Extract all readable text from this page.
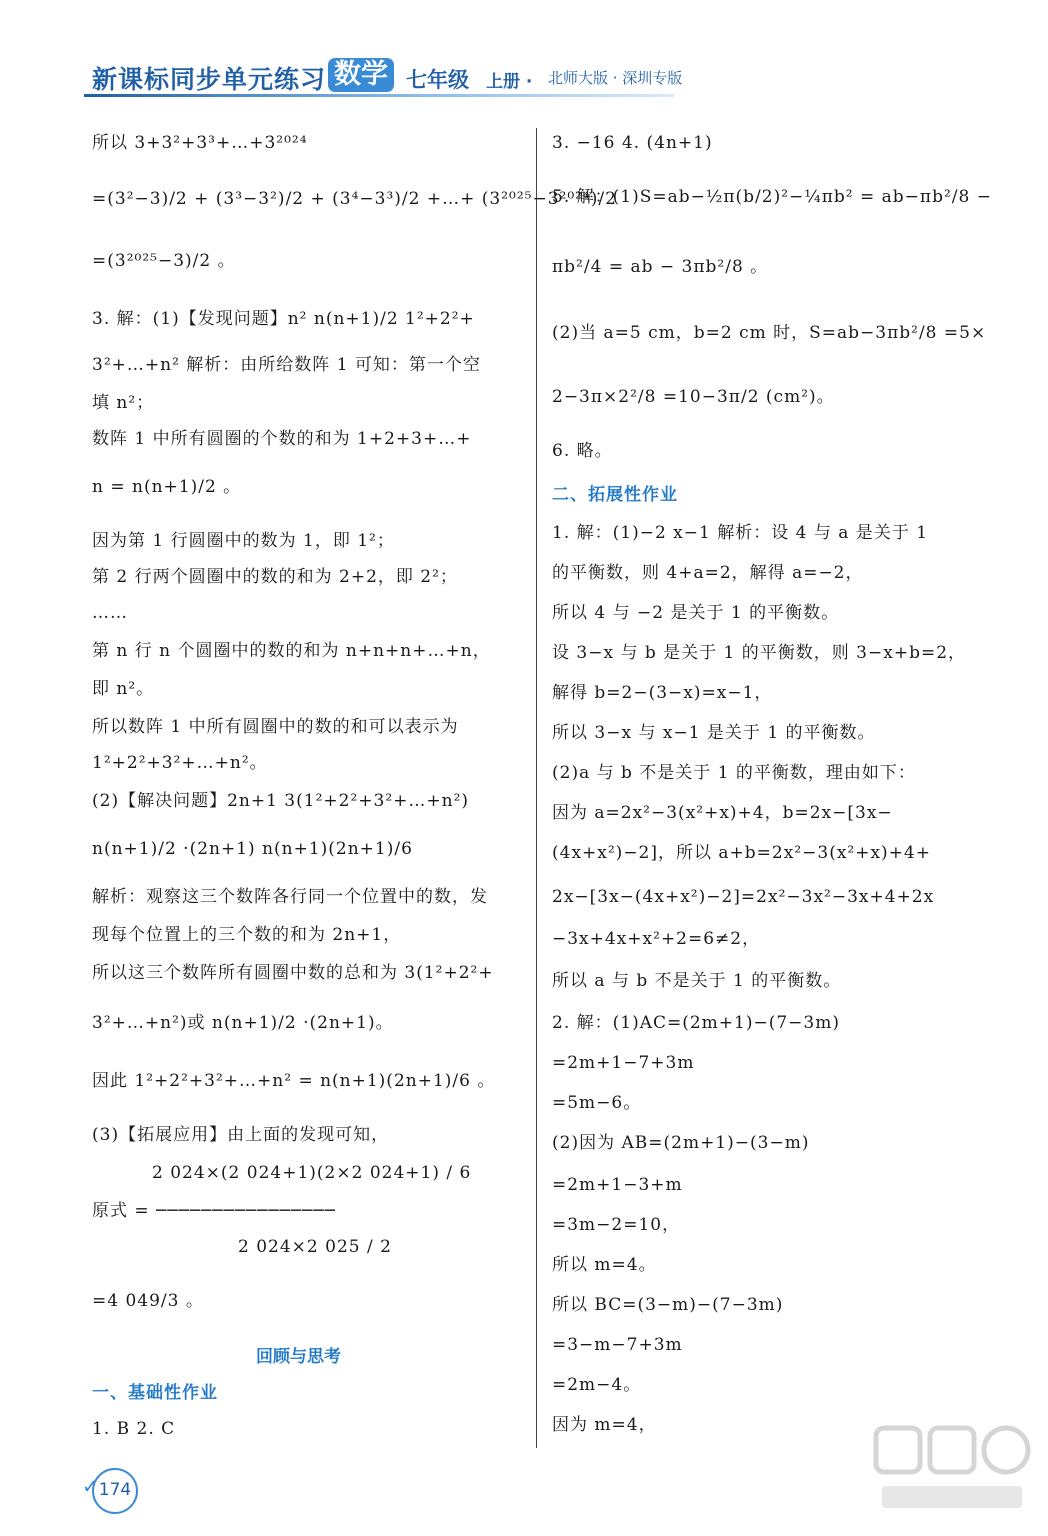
新课标同步单元练习 数学 七年级 上册 · 北师大版 · 深圳专版
所以 3+3²+3³+…+3²⁰²⁴
=(3²−3)/2 + (3³−3²)/2 + (3⁴−3³)/2 +…+ (3²⁰²⁵−3²⁰²⁴)/2
=(3²⁰²⁵−3)/2 。
3. 解：(1)【发现问题】n² n(n+1)/2 1²+2²+
3²+…+n² 解析：由所给数阵 1 可知：第一个空
填 n²；
数阵 1 中所有圆圈的个数的和为 1+2+3+…+
n = n(n+1)/2 。
因为第 1 行圆圈中的数为 1，即 1²；
第 2 行两个圆圈中的数的和为 2+2，即 2²；
……
第 n 行 n 个圆圈中的数的和为 n+n+n+…+n，
即 n²。
所以数阵 1 中所有圆圈中的数的和可以表示为
1²+2²+3²+…+n²。
(2)【解决问题】2n+1 3(1²+2²+3²+…+n²)
n(n+1)/2 ·(2n+1) n(n+1)(2n+1)/6
解析：观察这三个数阵各行同一个位置中的数，发
现每个位置上的三个数的和为 2n+1，
所以这三个数阵所有圆圈中数的总和为 3(1²+2²+
3²+…+n²)或 n(n+1)/2 ·(2n+1)。
因此 1²+2²+3²+…+n² = n(n+1)(2n+1)/6 。
(3)【拓展应用】由上面的发现可知，
2 024×(2 024+1)(2×2 024+1) / 6
原式 = ────────────────
2 024×2 025 / 2
=4 049/3 。
回顾与思考
一、基础性作业
1. B 2. C
3. −16 4. (4n+1)
5. 解：(1)S=ab−½π(b/2)²−¼πb² = ab−πb²/8 −
πb²/4 = ab − 3πb²/8 。
(2)当 a=5 cm，b=2 cm 时，S=ab−3πb²/8 =5×
2−3π×2²/8 =10−3π/2 (cm²)。
6. 略。
二、拓展性作业
1. 解：(1)−2 x−1 解析：设 4 与 a 是关于 1
的平衡数，则 4+a=2，解得 a=−2，
所以 4 与 −2 是关于 1 的平衡数。
设 3−x 与 b 是关于 1 的平衡数，则 3−x+b=2，
解得 b=2−(3−x)=x−1，
所以 3−x 与 x−1 是关于 1 的平衡数。
(2)a 与 b 不是关于 1 的平衡数，理由如下：
因为 a=2x²−3(x²+x)+4，b=2x−[3x−
(4x+x²)−2]，所以 a+b=2x²−3(x²+x)+4+
2x−[3x−(4x+x²)−2]=2x²−3x²−3x+4+2x
−3x+4x+x²+2=6≠2，
所以 a 与 b 不是关于 1 的平衡数。
2. 解：(1)AC=(2m+1)−(7−3m)
=2m+1−7+3m
=5m−6。
(2)因为 AB=(2m+1)−(3−m)
=2m+1−3+m
=3m−2=10，
所以 m=4。
所以 BC=(3−m)−(7−3m)
=3−m−7+3m
=2m−4。
因为 m=4，
✓ 174
